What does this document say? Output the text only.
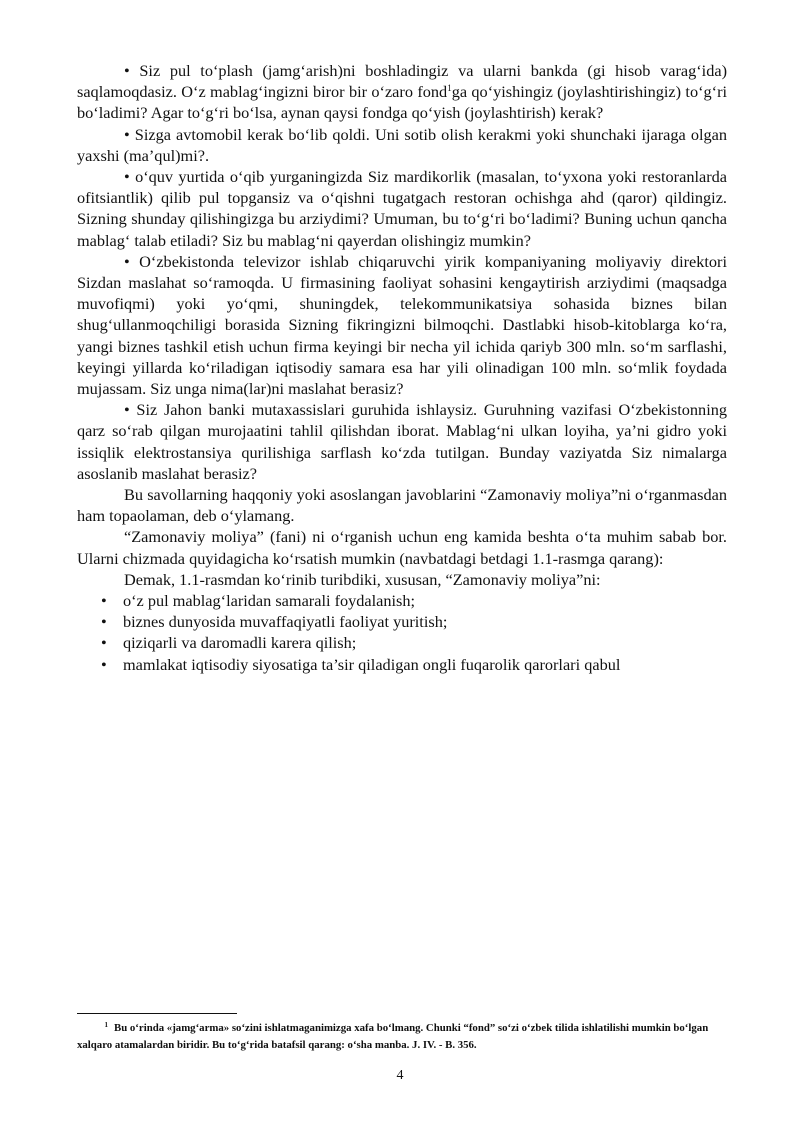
• Siz pul to‘plash (jamg‘arish)ni boshladingiz va ularni bankda (gi hisob varag‘ida) saqlamoqdasiz. O‘z mablag‘ingizni biror bir o‘zaro fond$^1$ga qo‘yishingiz (joylashtirishingiz) to‘g‘ri bo‘ladimi? Agar to‘g‘ri bo‘lsa, aynan qaysi fondga qo‘yish (joylashtirish) kerak?

• Sizga avtomobil kerak bo‘lib qoldi. Uni sotib olish kerakmi yoki shunchaki ijaraga olgan yaxshi (ma’qul)mi?.

• o‘quv yurtida o‘qib yurganingizda Siz mardikorlik (masalan, to‘yxona yoki restoranlarda ofitsiantlik) qilib pul topgansiz va o‘qishni tugatgach restoran ochishga ahd (qaror) qildingiz. Sizning shunday qilishingizga bu arziydimi? Umuman, bu to‘g‘ri bo‘ladimi? Buning uchun qancha mablag‘ talab etiladi? Siz bu mablag‘ni qayerdan olishingiz mumkin?

• O‘zbekistonda televizor ishlab chiqaruvchi yirik kompaniyaning moliyaviy direktori Sizdan maslahat so‘ramoqda. U firmasining faoliyat sohasini kengaytirish arziydimi (maqsadga muvofiqmi) yoki yo‘qmi, shuningdek, telekommunikatsiya sohasida biznes bilan shug‘ullanmoqchiligi borasida Sizning fikringizni bilmoqchi. Dastlabki hisob-kitoblarga ko‘ra, yangi biznes tashkil etish uchun firma keyingi bir necha yil ichida qariyb 300 mln. so‘m sarflashi, keyingi yillarda ko‘riladigan iqtisodiy samara esa har yili olinadigan 100 mln. so‘mlik foydada mujassam. Siz unga nima(lar)ni maslahat berasiz?

• Siz Jahon banki mutaxassislari guruhida ishlaysiz. Guruhning vazifasi O‘zbekistonning qarz so‘rab qilgan murojaatini tahlil qilishdan iborat. Mablag‘ni ulkan loyiha, ya’ni gidro yoki issiqlik elektrostansiya qurilishiga sarflash ko‘zda tutilgan. Bunday vaziyatda Siz nimalarga asoslanib maslahat berasiz?

Bu savollarning haqqoniy yoki asoslangan javoblarini “Zamonaviy moliya”ni o‘rganmasdan ham topaolaman, deb o‘ylamang.

“Zamonaviy moliya” (fani) ni o‘rganish uchun eng kamida beshta o‘ta muhim sabab bor. Ularni chizmada quyidagicha ko‘rsatish mumkin (navbatdagi betdagi 1.1-rasmga qarang):

Demak, 1.1-rasmdan ko‘rinib turibdiki, xususan, “Zamonaviy moliya”ni:

• o‘z pul mablag‘laridan samarali foydalanish;
• biznes dunyosida muvaffaqiyatli faoliyat yuritish;
• qiziqarli va daromadli karera qilish;
• mamlakat iqtisodiy siyosatiga ta’sir qiladigan ongli fuqarolik qarorlari qabul
1 Bu o‘rinda «jamg‘arma» so‘zini ishlatmaganimizga xafa bo‘lmang. Chunki “fond” so‘zi o‘zbek tilida ishlatilishi mumkin bo‘lgan xalqaro atamalardan biridir. Bu to‘g‘rida batafsil qarang: o‘sha manba. J. IV. - B. 356.
4
